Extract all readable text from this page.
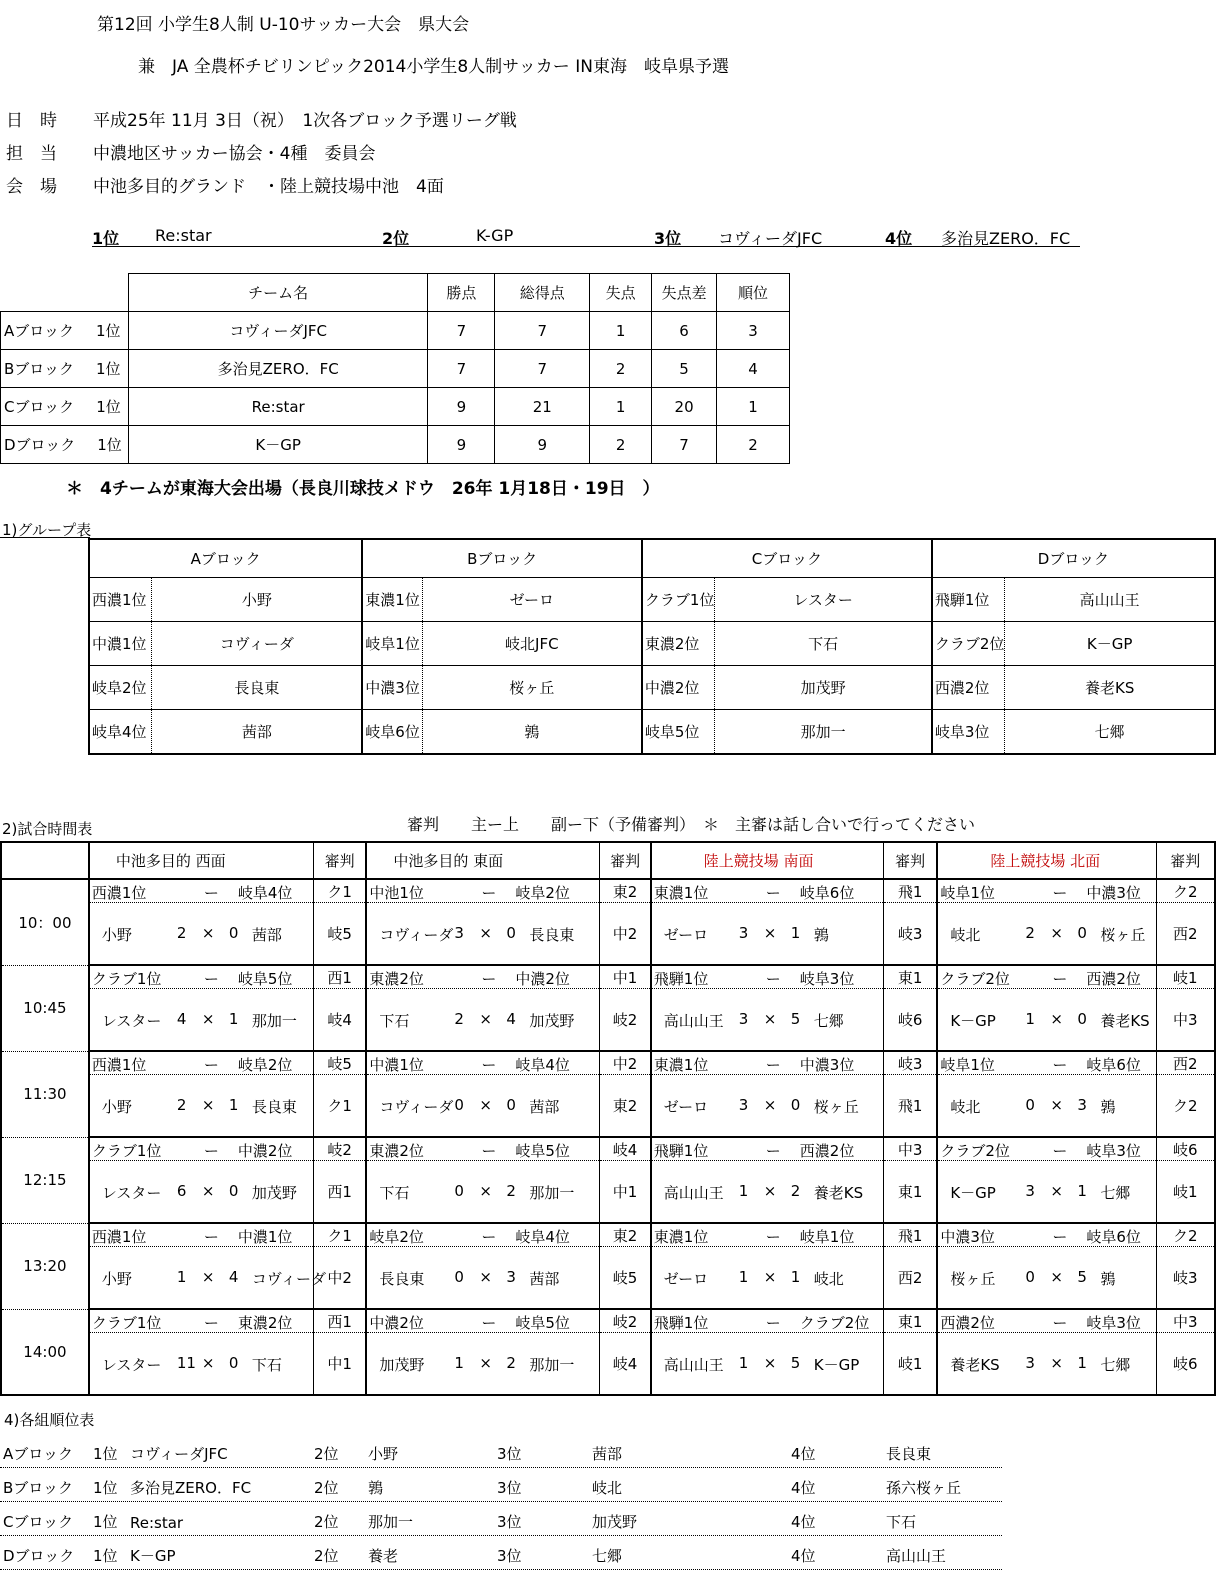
第12回 小学生8人制 U-10サッカー大会　県大会
兼　JA 全農杯チビリンピック2014小学生8人制サッカー IN東海　岐阜県予選
日　時 平成25年 11月 3日（祝）　1次各ブロック予選リーグ戦
担　当 中濃地区サッカー協会・4種　委員会
会　場 中池多目的グランド　・陸上競技場中池　4面
1位 Re:star	2位	K-GP	3位 コヴィーダJFC	4位 多治見ZERO．FC
	チーム名	勝点	総得点	失点	失点差	順位
Aブロック 1位	コヴィーダJFC	7	7	1	6	3
Bブロック 1位	多治見ZERO．FC	7	7	2	5	4
Cブロック 1位	Re:star	9	21	1	20	1
Dブロック 1位	K－GP	9	9	2	7	2
＊　4チームが東海大会出場（長良川球技メドウ　26年 1月18日・19日　）
1)グループ表
Aブロック		Bブロック		Cブロック		Dブロック	
西濃1位	小野	東濃1位	ゼーロ	クラブ1位	レスター	飛騨1位	高山山王
中濃1位	コヴィーダ	岐阜1位	岐北JFC	東濃2位	下石	クラブ2位	K－GP
岐阜2位	長良東	中濃3位	桜ヶ丘	中濃2位	加茂野	西濃2位	養老KS
岐阜4位	茜部	岐阜6位	鶉	岐阜5位	那加一	岐阜3位	七郷
2)試合時間表	審判　　主ー上　　副ー下（予備審判）　＊　主審は話し合いで行ってください
	中池多目的 西面	審判	中池多目的 東面	審判	陸上競技場 南面	審判	陸上競技場 北面	審判
10：00	西濃1位 ー 岐阜4位	ク1	中池1位 ー 岐阜2位	東2	東濃1位 ー 岐阜6位	飛1	岐阜1位 ー 中濃3位	ク2

	小野 2 × 0 茜部	岐5	コヴィーダ 3 × 0 長良東	中2	ゼーロ 3 × 1 鶉	岐3	岐北 2 × 0 桜ヶ丘	西2
10:45	クラブ1位 ー 岐阜5位	西1	東濃2位 ー 中濃2位	中1	飛騨1位 ー 岐阜3位	東1	クラブ2位 ー 西濃2位	岐1

	レスター 4 × 1 那加一	岐4	下石 2 × 4 加茂野	岐2	高山山王 3 × 5 七郷	岐6	K－GP 1 × 0 養老KS	中3
11:30	西濃1位 ー 岐阜2位	岐5	中濃1位 ー 岐阜4位	中2	東濃1位 ー 中濃3位	岐3	岐阜1位 ー 岐阜6位	西2

	小野 2 × 1 長良東	ク1	コヴィーダ 0 × 0 茜部	東2	ゼーロ 3 × 0 桜ヶ丘	飛1	岐北 0 × 3 鶉	ク2
12:15	クラブ1位 ー 中濃2位	岐2	東濃2位 ー 岐阜5位	岐4	飛騨1位 ー 西濃2位	中3	クラブ2位 ー 岐阜3位	岐6

	レスター 6 × 0 加茂野	西1	下石 0 × 2 那加一	中1	高山山王 1 × 2 養老KS	東1	K－GP 3 × 1 七郷	岐1
13:20	西濃1位 ー 中濃1位	ク1	岐阜2位 ー 岐阜4位	東2	東濃1位 ー 岐阜1位	飛1	中濃3位 ー 岐阜6位	ク2

	小野 1 × 4 コヴィーダ	中2	長良東 0 × 3 茜部	岐5	ゼーロ 1 × 1 岐北	西2	桜ヶ丘 0 × 5 鶉	岐3
14:00	クラブ1位 ー 東濃2位	西1	中濃2位 ー 岐阜5位	岐2	飛騨1位 ー クラブ2位	東1	西濃2位 ー 岐阜3位	中3

	レスター 11 × 0 下石	中1	加茂野 1 × 2 那加一	岐4	高山山王 1 × 5 K－GP	岐1	養老KS 3 × 1 七郷	岐6
4)各組順位表
Aブロック 1位 コヴィーダJFC	2位 小野	3位	茜部	4位	長良東
Bブロック 1位 多治見ZERO．FC	2位 鶉	3位	岐北	4位	孫六桜ヶ丘
Cブロック 1位 Re:star	2位 那加一	3位	加茂野	4位	下石
Dブロック 1位 K－GP	2位 養老	3位	七郷	4位	高山山王
